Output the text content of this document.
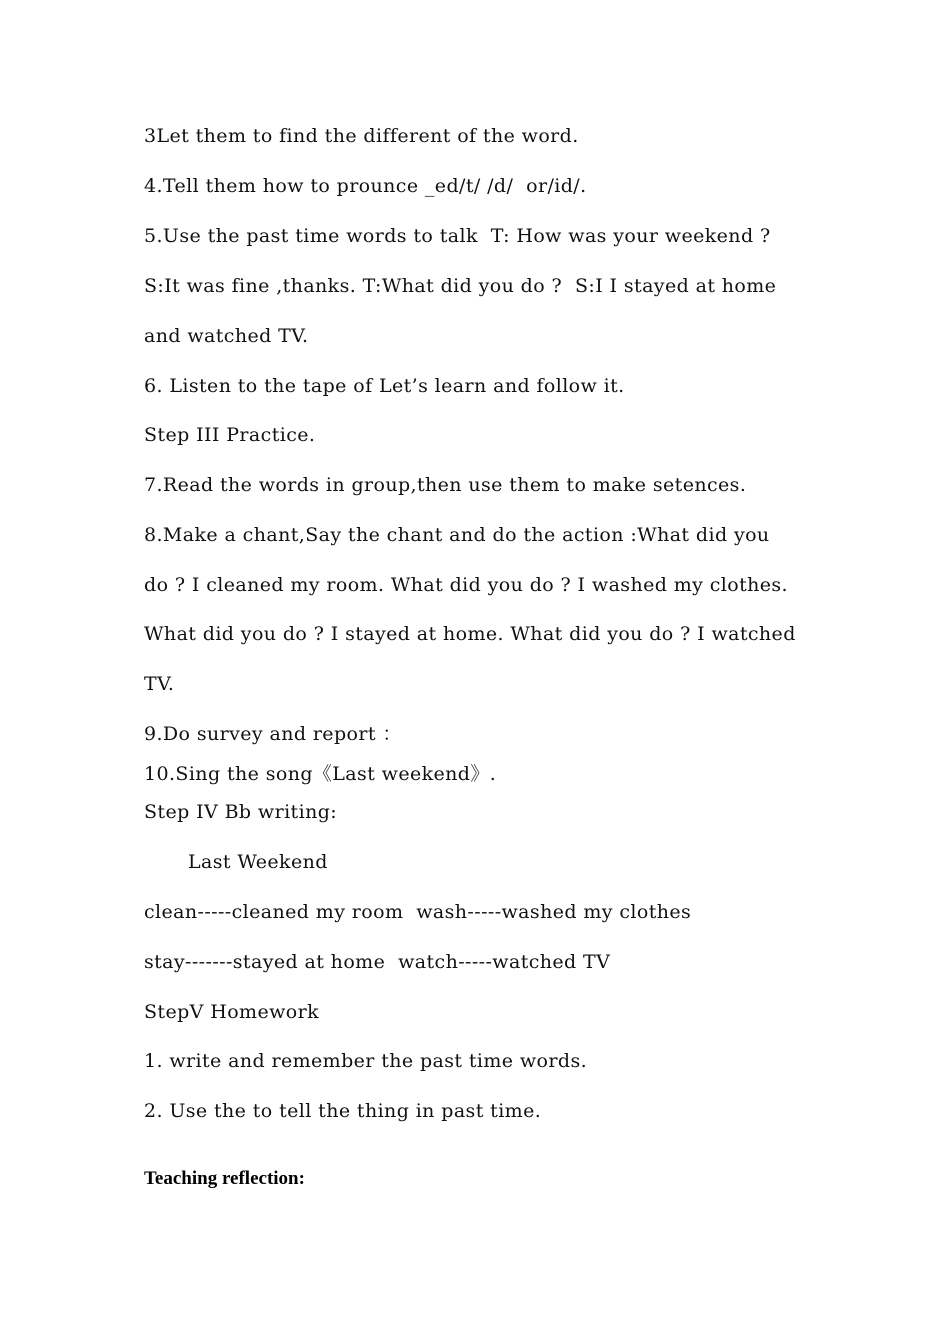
3Let them to find the different of the word.
4.Tell them how to prounce _ed/t/ /d/  or/id/.
5.Use the past time words to talk  T: How was your weekend ?
S:It was fine ,thanks. T:What did you do ?  S:I I stayed at home
and watched TV.
6. Listen to the tape of Let’s learn and follow it.
Step III Practice.
7.Read the words in group,then use them to make setences.
8.Make a chant,Say the chant and do the action :What did you
do ? I cleaned my room. What did you do ? I washed my clothes.
What did you do ? I stayed at home. What did you do ? I watched
TV.
9.Do survey and report ：
10.Sing the song《Last weekend》.
Step IV Bb writing:
Last Weekend
clean-----cleaned my room  wash-----washed my clothes
stay-------stayed at home  watch-----watched TV
StepV Homework
1. write and remember the past time words.
2. Use the to tell the thing in past time.
Teaching reflection:
